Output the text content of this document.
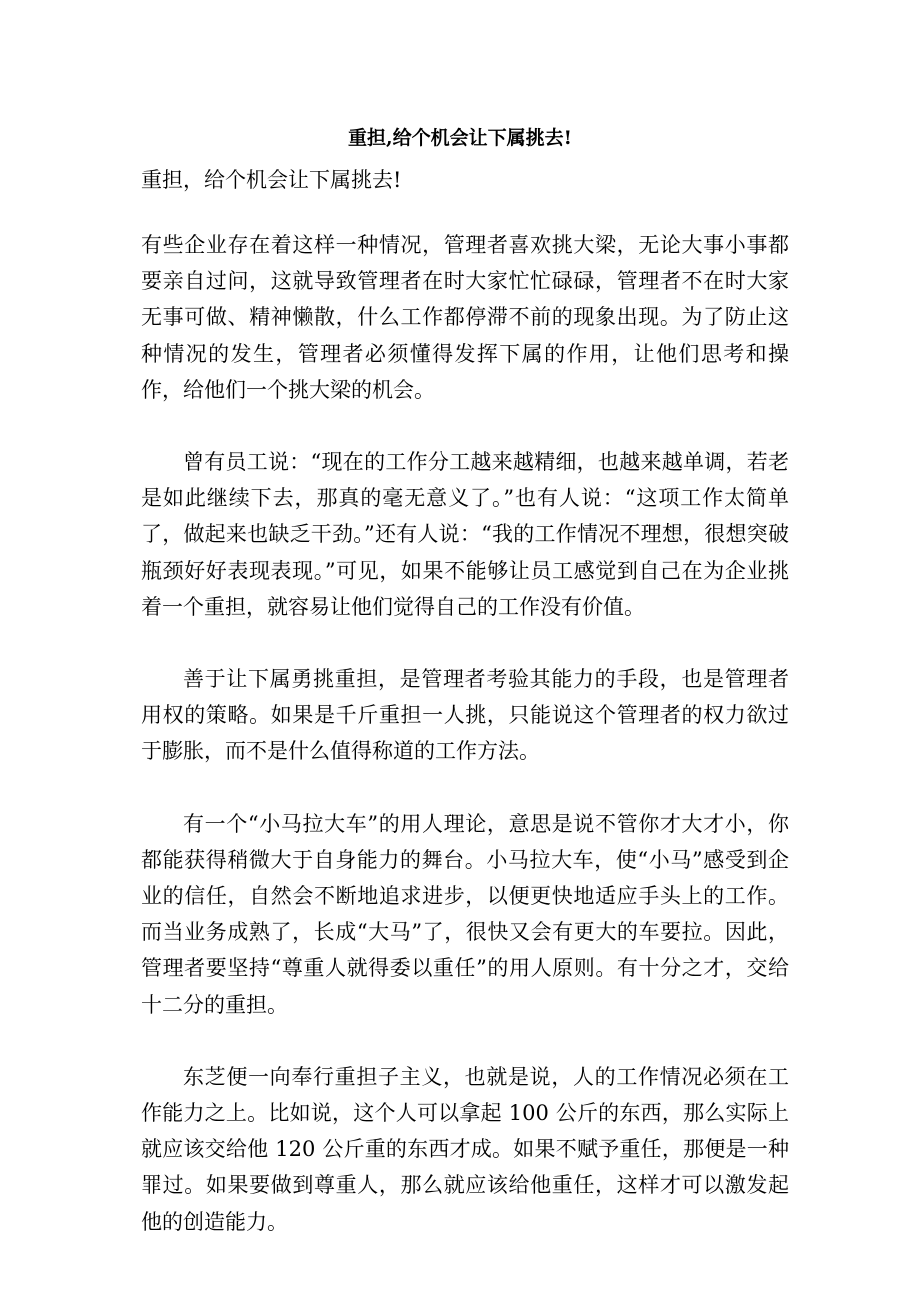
重担,给个机会让下属挑去!

重担，给个机会让下属挑去!

有些企业存在着这样一种情况，管理者喜欢挑大梁，无论大事小事都要亲自过问，这就导致管理者在时大家忙忙碌碌，管理者不在时大家无事可做、精神懒散，什么工作都停滞不前的现象出现。为了防止这种情况的发生，管理者必须懂得发挥下属的作用，让他们思考和操作，给他们一个挑大梁的机会。

曾有员工说：“现在的工作分工越来越精细，也越来越单调，若老是如此继续下去，那真的毫无意义了。”也有人说：“这项工作太简单了，做起来也缺乏干劲。”还有人说：“我的工作情况不理想，很想突破瓶颈好好表现表现。”可见，如果不能够让员工感觉到自己在为企业挑着一个重担，就容易让他们觉得自己的工作没有价值。

善于让下属勇挑重担，是管理者考验其能力的手段，也是管理者用权的策略。如果是千斤重担一人挑，只能说这个管理者的权力欲过于膨胀，而不是什么值得称道的工作方法。

有一个“小马拉大车”的用人理论，意思是说不管你才大才小，你都能获得稍微大于自身能力的舞台。小马拉大车，使“小马”感受到企业的信任，自然会不断地追求进步，以便更快地适应手头上的工作。而当业务成熟了，长成“大马”了，很快又会有更大的车要拉。因此，管理者要坚持“尊重人就得委以重任”的用人原则。有十分之才，交给十二分的重担。

东芝便一向奉行重担子主义，也就是说，人的工作情况必须在工作能力之上。比如说，这个人可以拿起 100 公斤的东西，那么实际上就应该交给他 120 公斤重的东西才成。如果不赋予重任，那便是一种罪过。如果要做到尊重人，那么就应该给他重任，这样才可以激发起他的创造能力。
